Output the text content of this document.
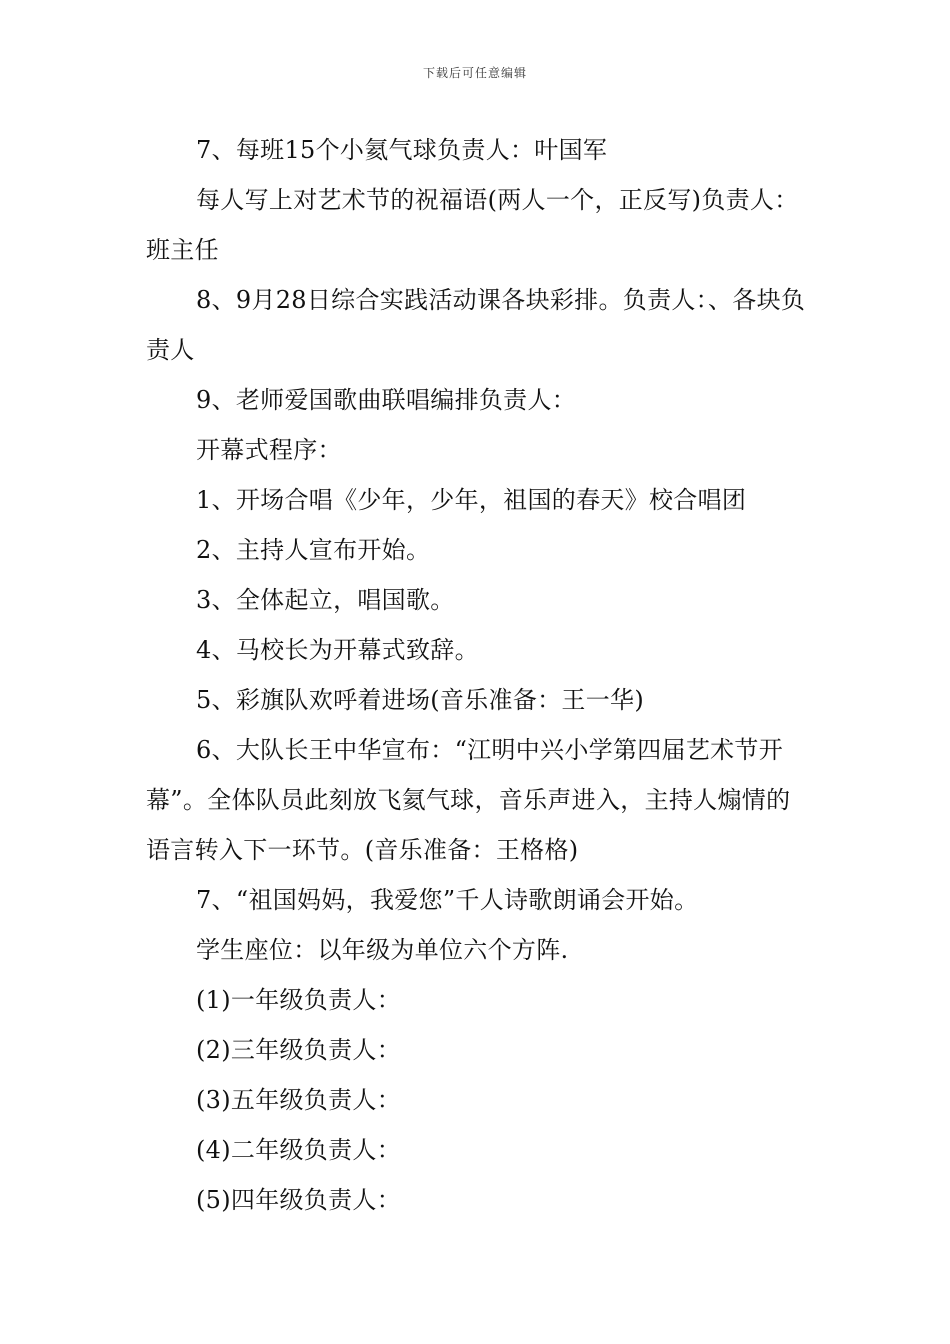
下载后可任意编辑

7、每班15个小氦气球负责人：叶国军

每人写上对艺术节的祝福语(两人一个，正反写)负责人：班主任

8、9月28日综合实践活动课各块彩排。负责人：、各块负责人

9、老师爱国歌曲联唱编排负责人：

开幕式程序：

1、开场合唱《少年，少年，祖国的春天》校合唱团

2、主持人宣布开始。

3、全体起立，唱国歌。

4、马校长为开幕式致辞。

5、彩旗队欢呼着进场(音乐准备：王一华)

6、大队长王中华宣布：“江明中兴小学第四届艺术节开幕”。全体队员此刻放飞氦气球，音乐声进入，主持人煽情的语言转入下一环节。(音乐准备：王格格)

7、“祖国妈妈，我爱您”千人诗歌朗诵会开始。

学生座位：以年级为单位六个方阵.

(1)一年级负责人：

(2)三年级负责人：

(3)五年级负责人：

(4)二年级负责人：

(5)四年级负责人：
